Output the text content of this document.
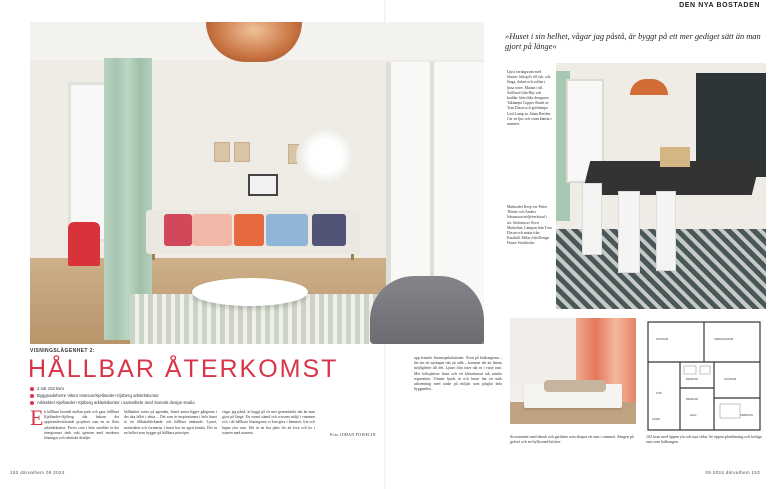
DEN NYA BOSTADEN
»Huset i sin helhet, vågar jag påstå, är byggt på ett mer gediget sätt än man gjort på länge«
Ljust vardagsrum med fönster från golv till tak, och långa, duken och soffan i ljusa toner. Mattan i ull. Soffbord från Hay och kuddar från olika designers. Taklampa Copper Shade av Tom Dixon och golvlampa Leaf Lamp av Johan Bertlen. Ger en ljus och varm känsla i rummet.
Matbordet Keep ver Petter Thörne och Anders Johansson ateljéverkstad i trä. Stolarna av Sven Markelius. Lampan från Tom Dixon och matta från Kasthall. Pallar från Design House Stockholm.
VARDAGSRUM
SOVRUM
KÖK
BADRUM
BADRUM
SOVRUM
HALL
GÅRD
TERRASS
Sovrummet med dansk och gardiner som skapar ett rum i rummet. Sängen på golvet och en hylla med böcker.
102 kvm med öppen yta och nya stilar. Se öppen planlösning och luftiga rum som balkongen.
VISNINGSLÄGENHET 2:
HÅLLBAR ÅTERKOMST
2 rok 102 kvm
Byggnadsherre Viktor Hanson/Kjellander+Sjöberg arkitektkontor
Arkitekter Kjellander+Sjöberg arkitektkontor i samarbete med Svensk design studio
E tt hållbart boende mellan park och gata, hållbart Kjellander+Sjöberg står bakom det uppseendeväckande projektet som en av flera arkitektkontor. Precis som i hela området är det energismart tänk rakt igenom med moderna lösningar och tekniska detaljer.
hållbarhet sattes på agendan, bland annat ligger gångarna i det täta fallet i detta. – Det som är inspirationen i hela huset är ett tillbakablickande och hållbart tänkande. Ljuset, materialen och formerna i huset har en egen känsla. Det är en helhet som bygger på hållbara principer.
vägar jag påstå, är byggt på ett mer genomtänkt sätt än man gjort på länge. En varmt stämd och trivsam miljö i rummen och i de hållbara lösningarna vi kan göra i hemmet, fria och lugna ytor rum. Det är en bra plats för att leva och bo i rytmen med naturen.	Foto JOHAN FOWELIN
upp framför finansspekulationer. Även på balkongerna – läs om ett nyskapat sätt att odla – kommer det att finnas möjligheter till det. Ljuset från öster når in i varje rum. Mer köksplatser finns och ett klimatsmart tak samlar regnvatten. Vänner bjuds in och huset har en unik utformning med tanke på miljön som präglar hela byggnaden.
152 därvalhem 09 2024	09 2024 därvalhem 153
